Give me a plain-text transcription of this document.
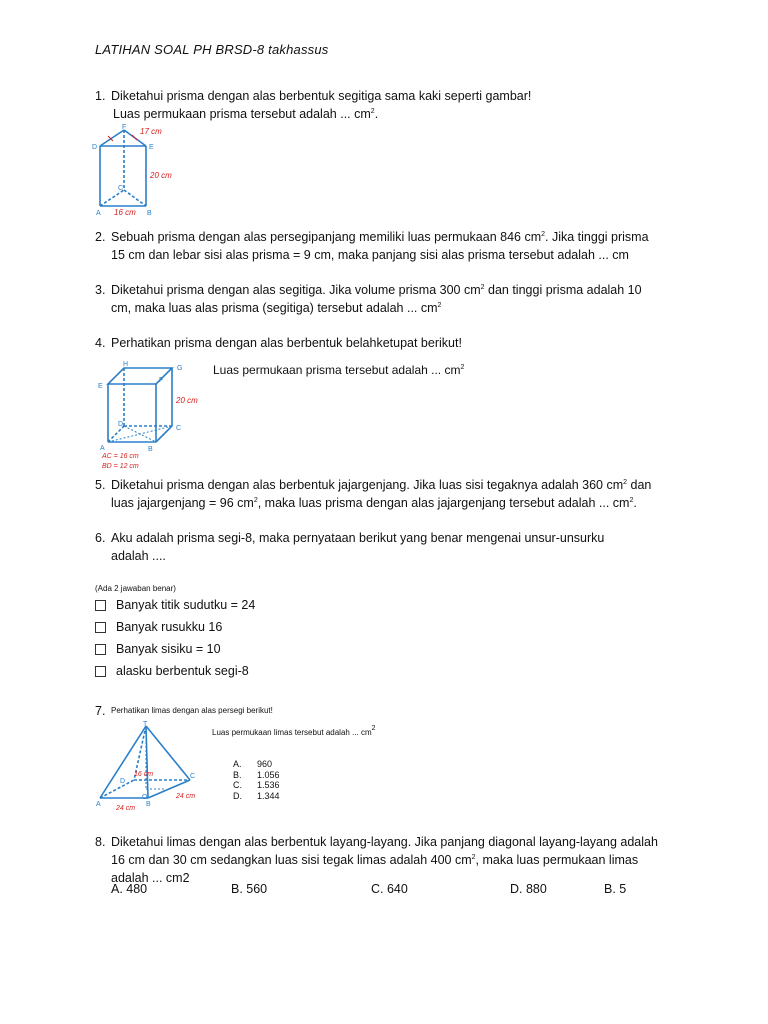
LATIHAN SOAL PH BRSD-8 takhassus
1. Diketahui prisma dengan alas berbentuk segitiga sama kaki seperti gambar!
Luas permukaan prisma tersebut adalah ... $cm^2$.
17 cm
20 cm
16 cm
D
F
E
C
A	B
2. Sebuah prisma dengan alas persegipanjang memiliki luas permukaan 846 $cm^2$. Jika tinggi prisma
15 cm dan lebar sisi alas prisma = 9 cm, maka panjang sisi alas prisma tersebut adalah ... cm
3. Diketahui prisma dengan alas segitiga. Jika volume prisma 300 $cm^2$ dan tinggi prisma adalah 10
cm, maka luas alas prisma (segitiga) tersebut adalah ... $cm^2$
4. Perhatikan prisma dengan alas berbentuk belahketupat berikut!
Luas permukaan prisma tersebut adalah ... $cm^2$
20 cm
AC = 16 cm
BD = 12 cm
H
G
E
D
C
A	B
F
5. Diketahui prisma dengan alas berbentuk jajargenjang. Jika luas sisi tegaknya adalah 360 $cm^2$ dan
luas jajargenjang = 96 $cm^2$, maka luas prisma dengan alas jajargenjang tersebut adalah ... $cm^2$.
6. Aku adalah prisma segi-8, maka pernyataan berikut yang benar mengenai unsur-unsurku
adalah ....
(Ada 2 jawaban benar)
Banyak titik sudutku = 24
Banyak rusukku 16
Banyak sisiku = 10
alasku berbentuk segi-8
7. Perhatikan limas dengan alas persegi berikut!
Luas permukaan limas tersebut adalah ... $cm^2$
A.	960
B.	1.056
C.	1.536
D.	1.344
16 cm
24 cm
24 cm
T
D
C
A	B
O
8. Diketahui limas dengan alas berbentuk layang-layang. Jika panjang diagonal layang-layang adalah
16 cm dan 30 cm sedangkan luas sisi tegak limas adalah 400 $cm^2$, maka luas permukaan limas
adalah ... cm2
A. 480	B. 560	C. 640	D. 880	B. 5
